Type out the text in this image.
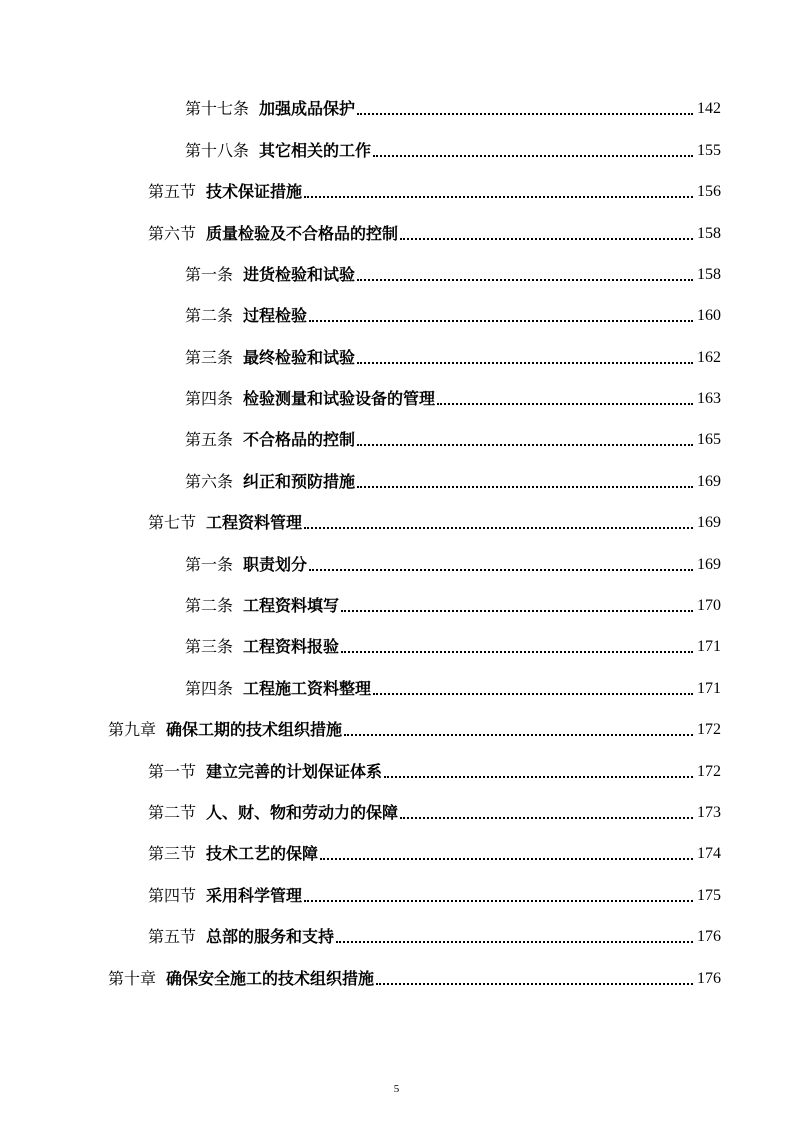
第十七条 加强成品保护	142
第十八条 其它相关的工作	155
第五节 技术保证措施	156
第六节 质量检验及不合格品的控制	158
第一条 进货检验和试验	158
第二条 过程检验	160
第三条 最终检验和试验	162
第四条 检验测量和试验设备的管理	163
第五条 不合格品的控制	165
第六条 纠正和预防措施	169
第七节 工程资料管理	169
第一条 职责划分	169
第二条 工程资料填写	170
第三条 工程资料报验	171
第四条 工程施工资料整理	171
第九章 确保工期的技术组织措施	172
第一节 建立完善的计划保证体系	172
第二节 人、财、物和劳动力的保障	173
第三节 技术工艺的保障	174
第四节 采用科学管理	175
第五节 总部的服务和支持	176
第十章 确保安全施工的技术组织措施	176
5
